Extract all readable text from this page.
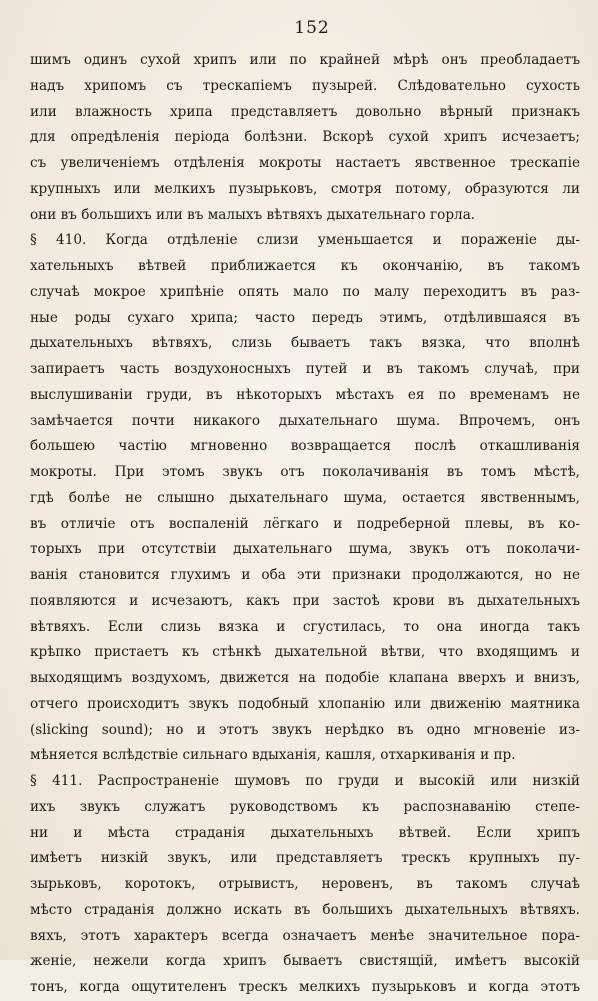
152
шимъ одинъ сухой хрипъ или по крайней мѣрѣ онъ преобладаетъ
надъ хрипомъ съ трескапіемъ пузырей. Слѣдовательно сухость
или влажность хрипа представляетъ довольно вѣрный признакъ
для опредѣленія періода болѣзни. Вскорѣ сухой хрипъ исчезаетъ;
съ увеличеніемъ отдѣленія мокроты настаетъ явственное трескапіе
крупныхъ или мелкихъ пузырьковъ, смотря потому, образуются ли
они въ большихъ или въ малыхъ вѣтвяхъ дыхательнаго горла.
§ 410. Когда отдѣленіе слизи уменьшается и пораженіе ды-
хательныхъ вѣтвей приближается къ окончанію, въ такомъ
случаѣ мокрое хрипѣніе опять мало по малу переходитъ въ раз-
ные роды сухаго хрипа; часто передъ этимъ, отдѣлившаяся въ
дыхательныхъ вѣтвяхъ, слизь бываетъ такъ вязка, что вполнѣ
запираетъ часть воздухоносныхъ путей и въ такомъ случаѣ, при
выслушиваніи груди, въ нѣкоторыхъ мѣстахъ ея по временамъ не
замѣчается почти никакого дыхательнаго шума. Впрочемъ, онъ
большею частію мгновенно возвращается послѣ откашливанія
мокроты. При этомъ звукъ отъ поколачиванія въ томъ мѣстѣ,
гдѣ болѣе не слышно дыхательнаго шума, остается явственнымъ,
въ отличіе отъ воспаленій лёгкаго и подреберной плевы, въ ко-
торыхъ при отсутствіи дыхательнаго шума, звукъ отъ поколачи-
ванія становится глухимъ и оба эти признаки продолжаются, но не
появляются и исчезаютъ, какъ при застоѣ крови въ дыхательныхъ
вѣтвяхъ. Если слизь вязка и сгустилась, то она иногда такъ
крѣпко пристаетъ къ стѣнкѣ дыхательной вѣтви, что входящимъ и
выходящимъ воздухомъ, движется на подобіе клапана вверхъ и внизъ,
отчего происходитъ звукъ подобный хлопанію или движенію маятника
(slicking sound); но и этотъ звукъ нерѣдко въ одно мгновеніе из-
мѣняется вслѣдствіе сильнаго вдыханія, кашля, отхаркиванія и пр.
§ 411. Распространеніе шумовъ по груди и высокій или низкій
ихъ звукъ служатъ руководствомъ къ распознаванію степе-
ни и мѣста страданія дыхательныхъ вѣтвей. Если хрипъ
имѣетъ низкій звукъ, или представляетъ трескъ крупныхъ пу-
зырьковъ, коротокъ, отрывистъ, неровенъ, въ такомъ случаѣ
мѣсто страданія должно искать въ большихъ дыхательныхъ вѣтвяхъ.
вяхъ, этотъ характеръ всегда означаетъ менѣе значительное пора-
женіе, нежели когда хрипъ бываетъ свистящій, имѣетъ высокій
тонъ, когда ощутителенъ трескъ мелкихъ пузырьковъ и когда этотъ
